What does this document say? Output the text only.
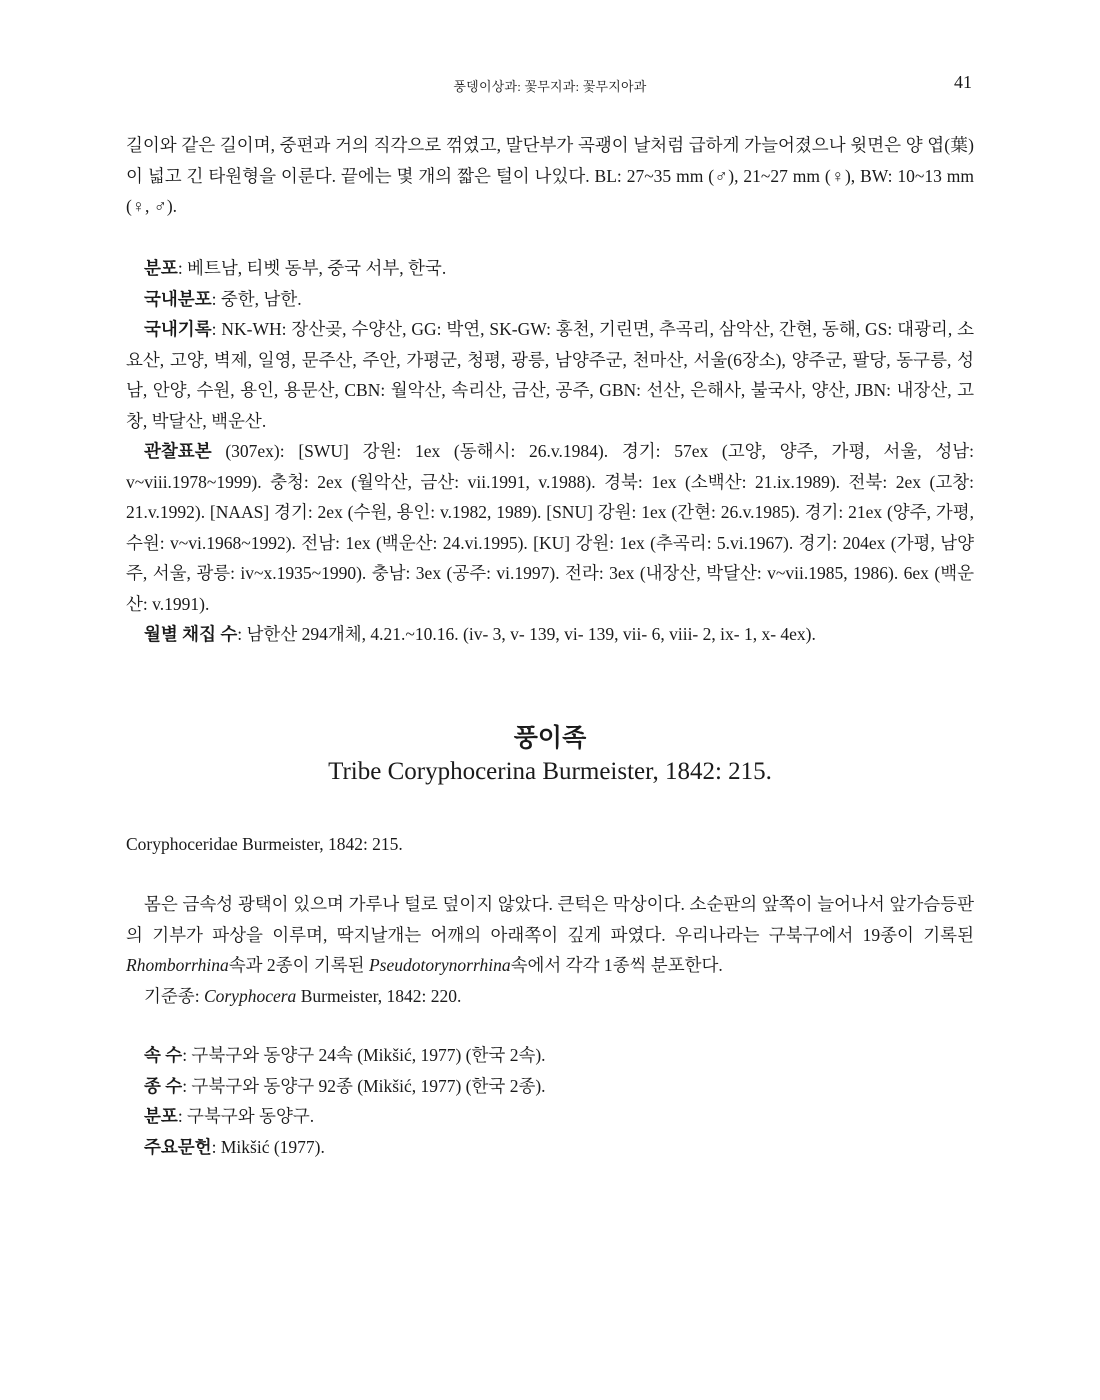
풍뎅이상과: 꽃무지과: 꽃무지아과	41

길이와 같은 길이며, 중편과 거의 직각으로 꺾였고, 말단부가 곡괭이 날처럼 급하게 가늘어졌으나 윗면은 양 엽(葉)이 넓고 긴 타원형을 이룬다. 끝에는 몇 개의 짧은 털이 나있다. BL: 27~35 mm (♂), 21~27 mm (♀), BW: 10~13 mm (♀, ♂).

분포: 베트남, 티벳 동부, 중국 서부, 한국.

국내분포: 중한, 남한.

국내기록: NK-WH: 장산곶, 수양산, GG: 박연, SK-GW: 홍천, 기린면, 추곡리, 삼악산, 간현, 동해, GS: 대광리, 소요산, 고양, 벽제, 일영, 문주산, 주안, 가평군, 청평, 광릉, 남양주군, 천마산, 서울(6장소), 양주군, 팔당, 동구릉, 성남, 안양, 수원, 용인, 용문산, CBN: 월악산, 속리산, 금산, 공주, GBN: 선산, 은해사, 불국사, 양산, JBN: 내장산, 고창, 박달산, 백운산.

관찰표본 (307ex): [SWU] 강원: 1ex (동해시: 26.v.1984). 경기: 57ex (고양, 양주, 가평, 서울, 성남: v~viii.1978~1999). 충청: 2ex (월악산, 금산: vii.1991, v.1988). 경북: 1ex (소백산: 21.ix.1989). 전북: 2ex (고창: 21.v.1992). [NAAS] 경기: 2ex (수원, 용인: v.1982, 1989). [SNU] 강원: 1ex (간현: 26.v.1985). 경기: 21ex (양주, 가평, 수원: v~vi.1968~1992). 전남: 1ex (백운산: 24.vi.1995). [KU] 강원: 1ex (추곡리: 5.vi.1967). 경기: 204ex (가평, 남양주, 서울, 광릉: iv~x.1935~1990). 충남: 3ex (공주: vi.1997). 전라: 3ex (내장산, 박달산: v~vii.1985, 1986). 6ex (백운산: v.1991).

월별 채집 수: 남한산 294개체, 4.21.~10.16. (iv- 3, v- 139, vi- 139, vii- 6, viii- 2, ix- 1, x- 4ex).

풍이족
Tribe Coryphocerina Burmeister, 1842: 215.

Coryphoceridae Burmeister, 1842: 215.

몸은 금속성 광택이 있으며 가루나 털로 덮이지 않았다. 큰턱은 막상이다. 소순판의 앞쪽이 늘어나서 앞가슴등판의 기부가 파상을 이루며, 딱지날개는 어깨의 아래쪽이 깊게 파였다. 우리나라는 구북구에서 19종이 기록된 Rhomborrhina속과 2종이 기록된 Pseudotorynorrhina속에서 각각 1종씩 분포한다.

기준종: Coryphocera Burmeister, 1842: 220.

속 수: 구북구와 동양구 24속 (Mikšić, 1977) (한국 2속).

종 수: 구북구와 동양구 92종 (Mikšić, 1977) (한국 2종).

분포: 구북구와 동양구.

주요문헌: Mikšić (1977).
